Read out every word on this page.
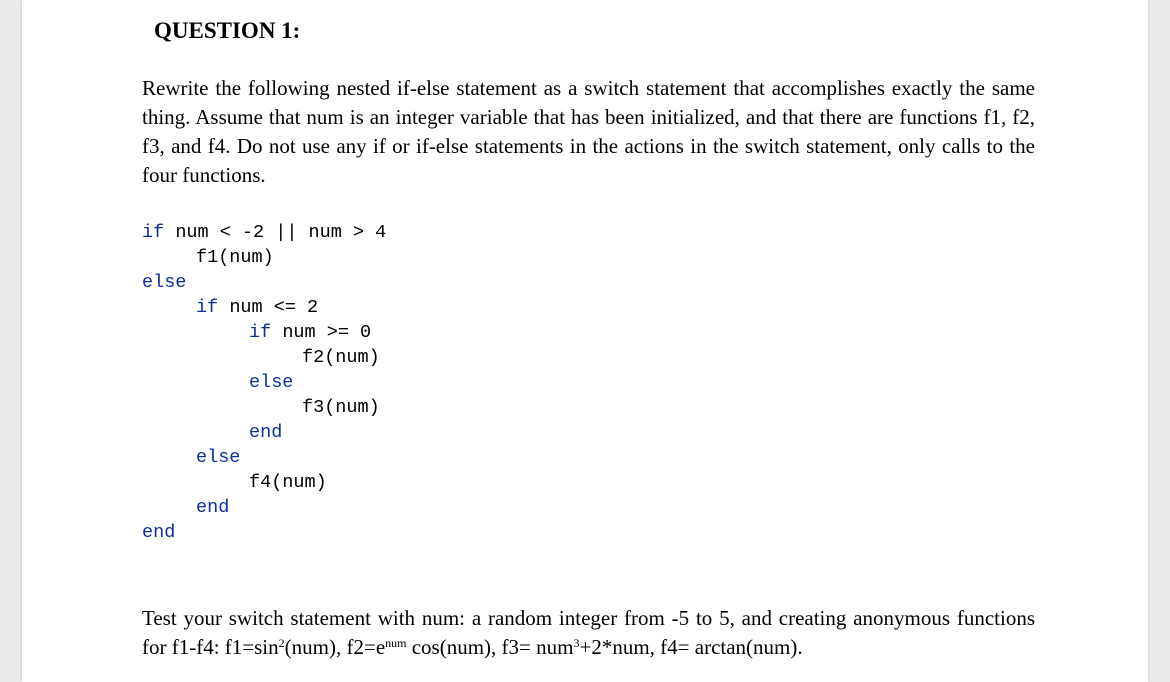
QUESTION 1:
Rewrite the following nested if-else statement as a switch statement that accomplishes exactly the same thing. Assume that num is an integer variable that has been initialized, and that there are functions f1, f2, f3, and f4. Do not use any if or if-else statements in the actions in the switch statement, only calls to the four functions.
if num < -2 || num > 4
f1(num)
else
if num <= 2
if num >= 0
f2(num)
else
f3(num)
end
else
f4(num)
end
end
Test your switch statement with num: a random integer from -5 to 5, and creating anonymous functions for f1-f4: $f1=\sin^2(num)$, $f2=e^{num}$ cos(num), f3= num$^3$+2*num, f4= arctan(num).
